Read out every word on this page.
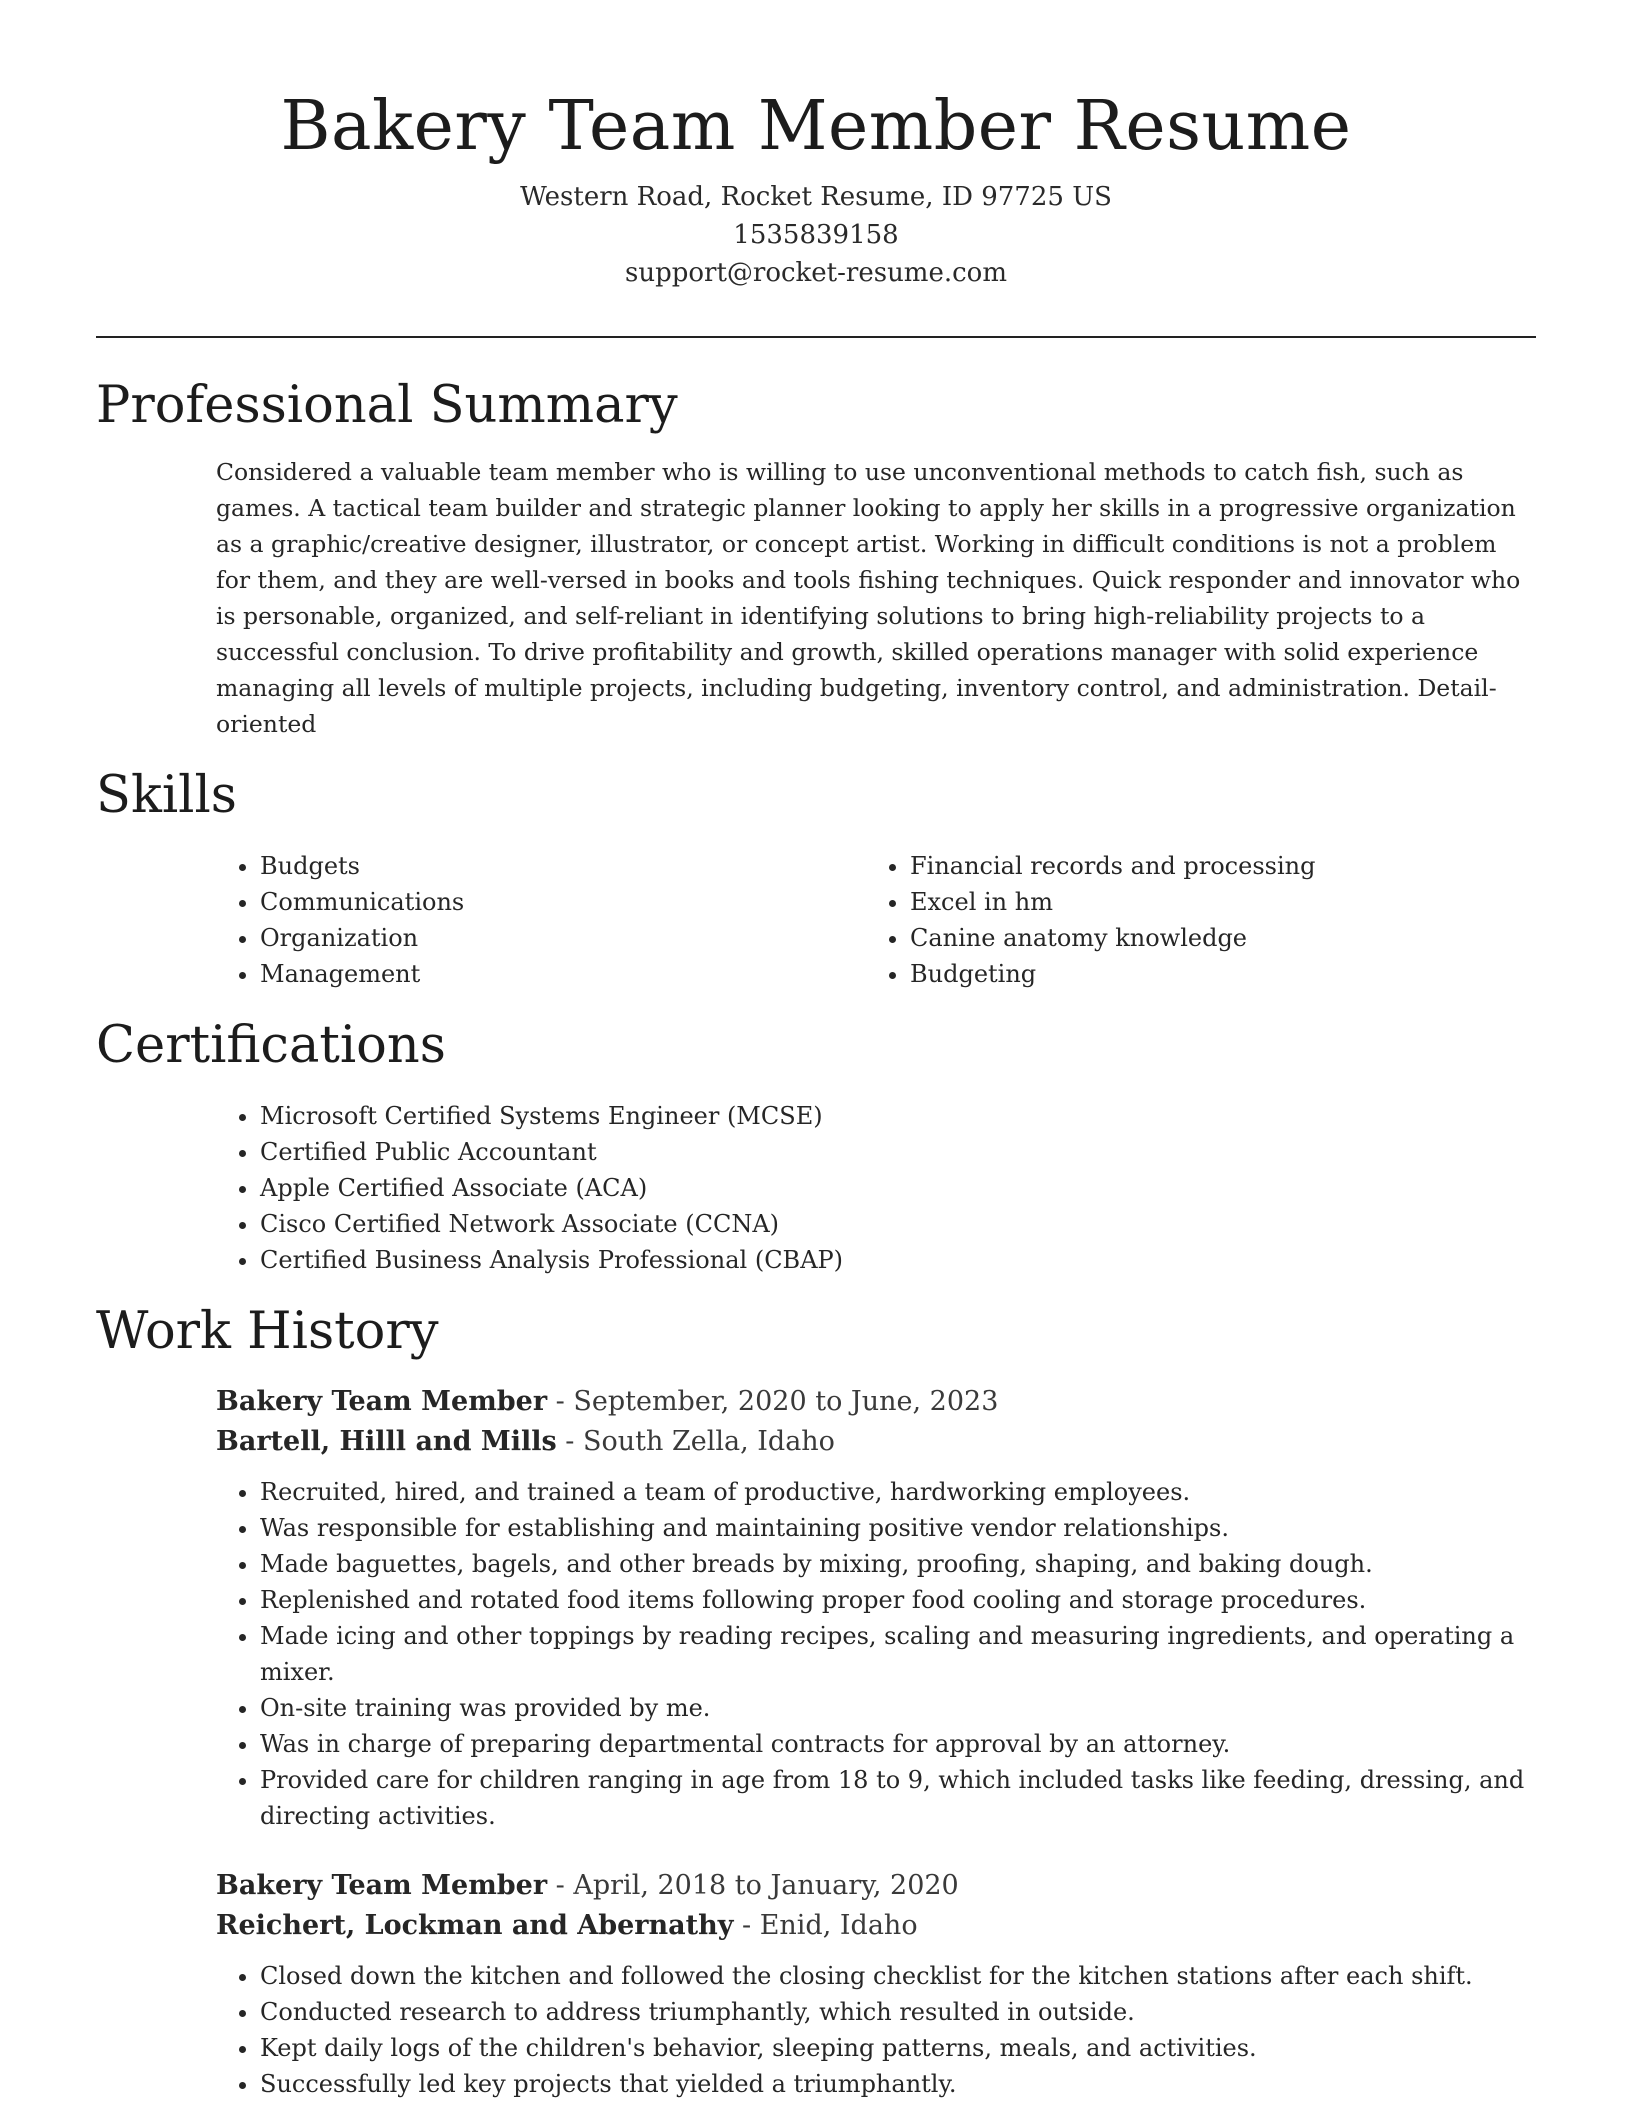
Bakery Team Member Resume
Western Road, Rocket Resume, ID 97725 US
1535839158
support@rocket-resume.com
Professional Summary

Considered a valuable team member who is willing to use unconventional methods to catch fish, such as games. A tactical team builder and strategic planner looking to apply her skills in a progressive organization as a graphic/creative designer, illustrator, or concept artist. Working in difficult conditions is not a problem for them, and they are well-versed in books and tools fishing techniques. Quick responder and innovator who is personable, organized, and self-reliant in identifying solutions to bring high-reliability projects to a successful conclusion. To drive profitability and growth, skilled operations manager with solid experience managing all levels of multiple projects, including budgeting, inventory control, and administration. Detail-oriented

Skills
• Budgets
• Communications
• Organization
• Management
• Financial records and processing
• Excel in hm
• Canine anatomy knowledge
• Budgeting
Certifications
• Microsoft Certified Systems Engineer (MCSE)
• Certified Public Accountant
• Apple Certified Associate (ACA)
• Cisco Certified Network Associate (CCNA)
• Certified Business Analysis Professional (CBAP)
Work History
Bakery Team Member - September, 2020 to June, 2023
Bartell, Hilll and Mills - South Zella, Idaho
• Recruited, hired, and trained a team of productive, hardworking employees.
• Was responsible for establishing and maintaining positive vendor relationships.
• Made baguettes, bagels, and other breads by mixing, proofing, shaping, and baking dough.
• Replenished and rotated food items following proper food cooling and storage procedures.
• Made icing and other toppings by reading recipes, scaling and measuring ingredients, and operating a mixer.
• On-site training was provided by me.
• Was in charge of preparing departmental contracts for approval by an attorney.
• Provided care for children ranging in age from 18 to 9, which included tasks like feeding, dressing, and directing activities.
Bakery Team Member - April, 2018 to January, 2020
Reichert, Lockman and Abernathy - Enid, Idaho
• Closed down the kitchen and followed the closing checklist for the kitchen stations after each shift.
• Conducted research to address triumphantly, which resulted in outside.
• Kept daily logs of the children's behavior, sleeping patterns, meals, and activities.
• Successfully led key projects that yielded a triumphantly.
